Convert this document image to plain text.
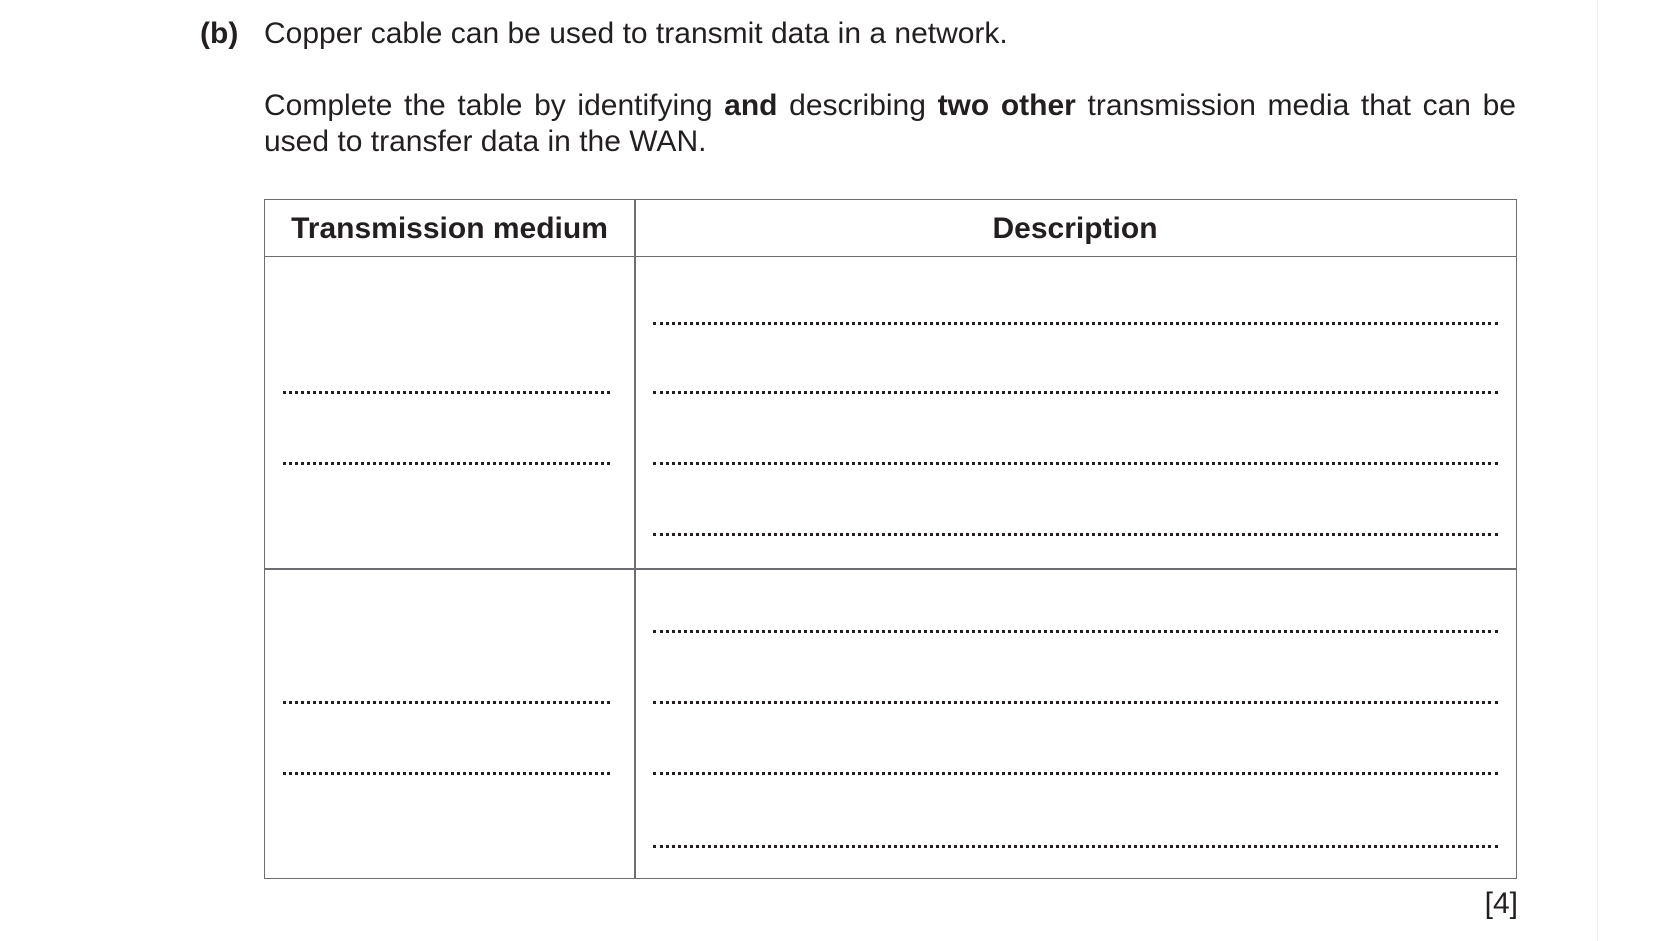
(b) Copper cable can be used to transmit data in a network.
Complete the table by identifying and describing two other transmission media that can be used to transfer data in the WAN.
Transmission medium	Description
[4]
